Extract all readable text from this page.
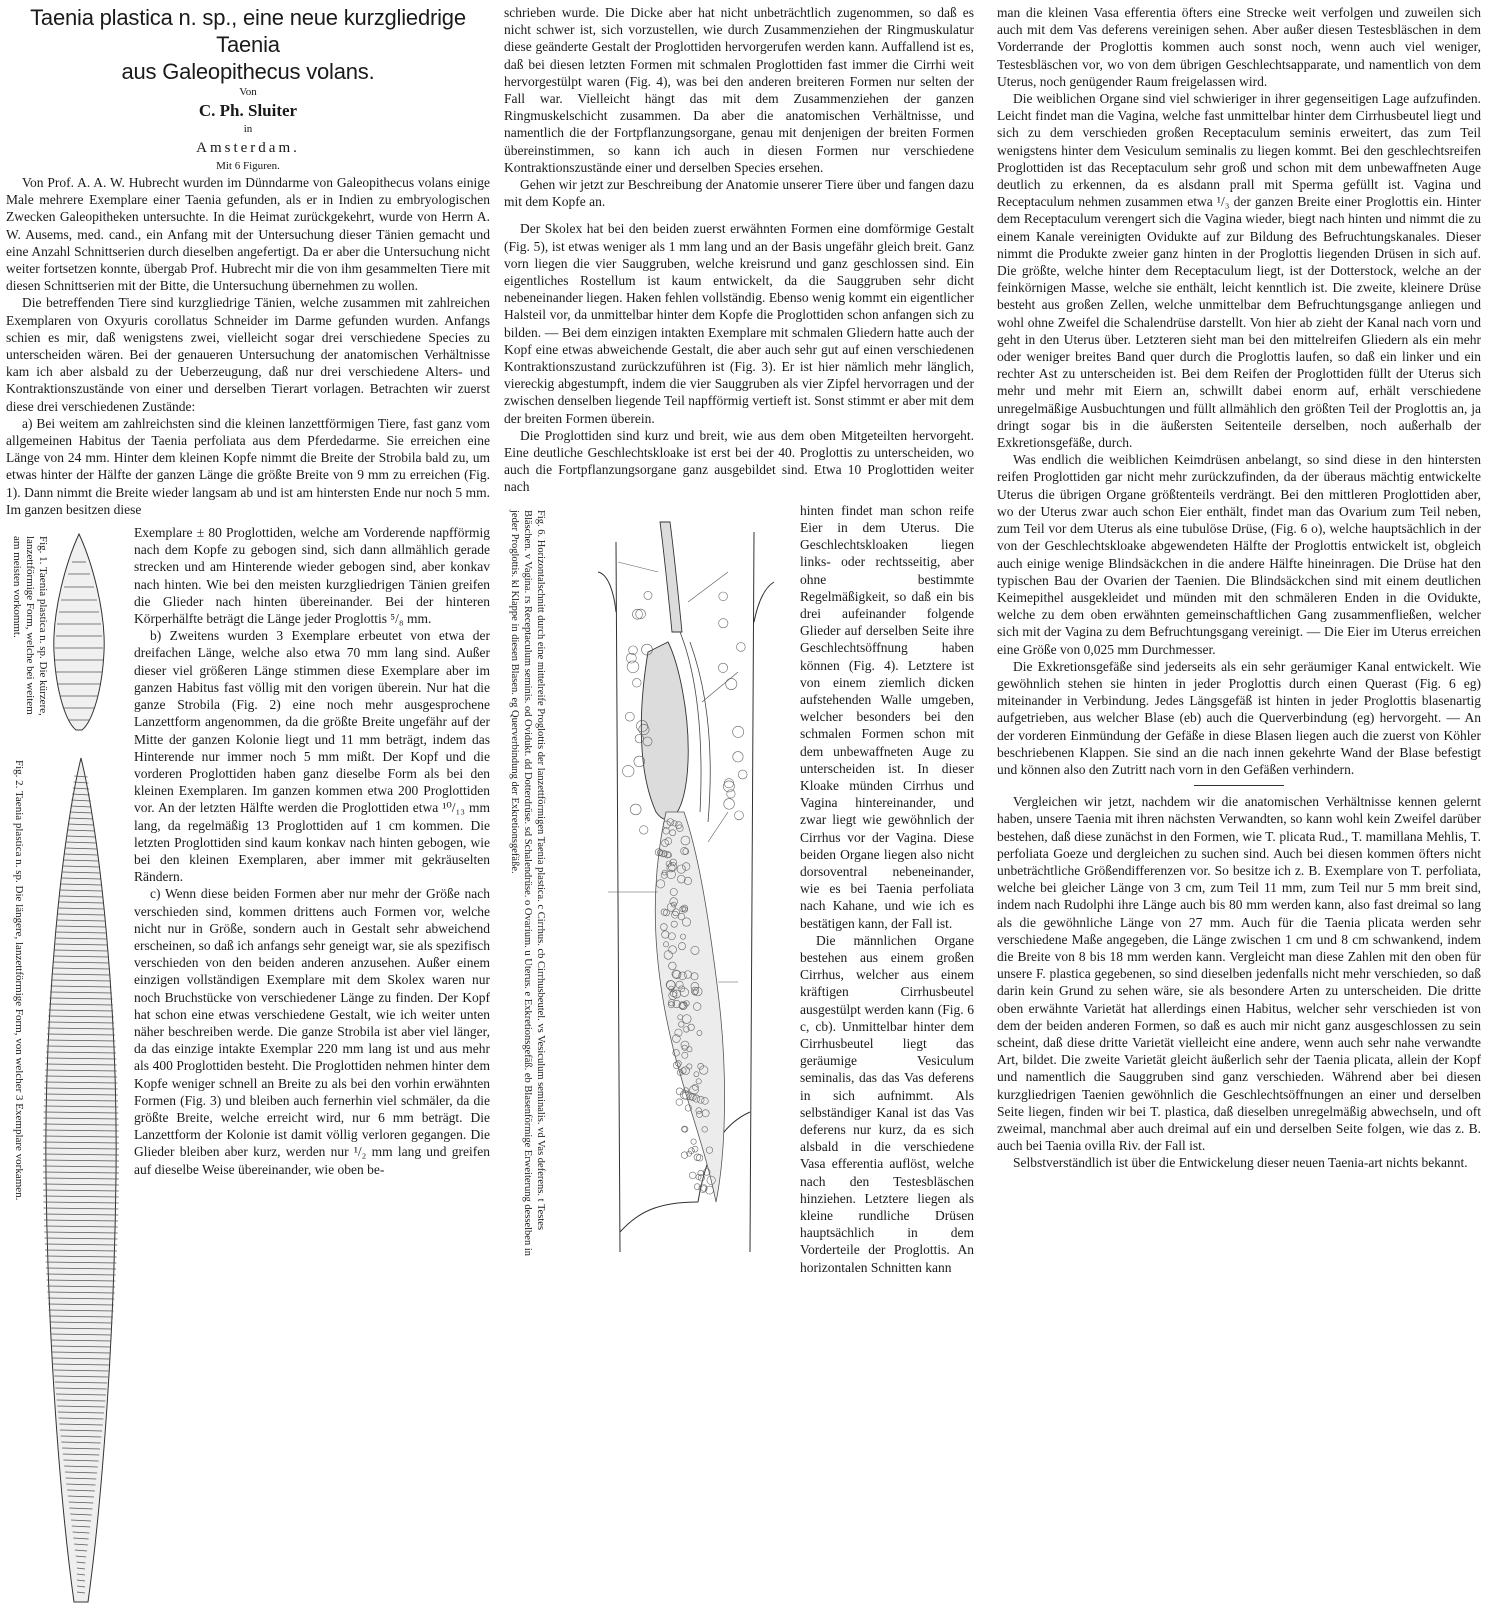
Taenia plastica n. sp., eine neue kurzgliedrige Taenia
aus Galeopithecus volans.

Von

C. Ph. Sluiter

in

Amsterdam.

Mit 6 Figuren.

Von Prof. A. A. W. Hubrecht wurden im Dünndarme von Galeopithecus volans einige Male mehrere Exemplare einer Taenia gefunden, als er in Indien zu embryologischen Zwecken Galeopitheken untersuchte. In die Heimat zurückgekehrt, wurde von Herrn A. W. Ausems, med. cand., ein Anfang mit der Untersuchung dieser Tänien gemacht und eine Anzahl Schnittserien durch dieselben angefertigt. Da er aber die Untersuchung nicht weiter fortsetzen konnte, übergab Prof. Hubrecht mir die von ihm gesammelten Tiere mit diesen Schnittserien mit der Bitte, die Untersuchung übernehmen zu wollen.

Die betreffenden Tiere sind kurzgliedrige Tänien, welche zusammen mit zahlreichen Exemplaren von Oxyuris corollatus Schneider im Darme gefunden wurden. Anfangs schien es mir, daß wenigstens zwei, vielleicht sogar drei verschiedene Species zu unterscheiden wären. Bei der genaueren Untersuchung der anatomischen Verhältnisse kam ich aber alsbald zu der Ueberzeugung, daß nur drei verschiedene Alters- und Kontraktionszustände von einer und derselben Tierart vorlagen. Betrachten wir zuerst diese drei verschiedenen Zustände:

a) Bei weitem am zahlreichsten sind die kleinen lanzettförmigen Tiere, fast ganz vom allgemeinen Habitus der Taenia perfoliata aus dem Pferdedarme. Sie erreichen eine Länge von 24 mm. Hinter dem kleinen Kopfe nimmt die Breite der Strobila bald zu, um etwas hinter der Hälfte der ganzen Länge die größte Breite von 9 mm zu erreichen (Fig. 1). Dann nimmt die Breite wieder langsam ab und ist am hintersten Ende nur noch 5 mm. Im ganzen besitzen diese

Fig. 1. Taenia plastica n. sp. Die kürzere, lanzettförmige Form, welche bei weitem am meisten vorkommt.
Fig. 2. Taenia plastica n. sp. Die längere, lanzettförmige Form, von welcher 3 Exemplare vorkamen.

Exemplare ± 80 Proglottiden, welche am Vorderende napfförmig nach dem Kopfe zu gebogen sind, sich dann allmählich gerade strecken und am Hinterende wieder gebogen sind, aber konkav nach hinten. Wie bei den meisten kurzgliedrigen Tänien greifen die Glieder nach hinten übereinander. Bei der hinteren Körperhälfte beträgt die Länge jeder Proglottis ⁵/₈ mm.

b) Zweitens wurden 3 Exemplare erbeutet von etwa der dreifachen Länge, welche also etwa 70 mm lang sind. Außer dieser viel größeren Länge stimmen diese Exemplare aber im ganzen Habitus fast völlig mit den vorigen überein. Nur hat die ganze Strobila (Fig. 2) eine noch mehr ausgesprochene Lanzettform angenommen, da die größte Breite ungefähr auf der Mitte der ganzen Kolonie liegt und 11 mm beträgt, indem das Hinterende nur immer noch 5 mm mißt. Der Kopf und die vorderen Proglottiden haben ganz dieselbe Form als bei den kleinen Exemplaren. Im ganzen kommen etwa 200 Proglottiden vor. An der letzten Hälfte werden die Proglottiden etwa ¹⁰/₁₃ mm lang, da regelmäßig 13 Proglottiden auf 1 cm kommen. Die letzten Proglottiden sind kaum konkav nach hinten gebogen, wie bei den kleinen Exemplaren, aber immer mit gekräuselten Rändern.

c) Wenn diese beiden Formen aber nur mehr der Größe nach verschieden sind, kommen drittens auch Formen vor, welche nicht nur in Größe, sondern auch in Gestalt sehr abweichend erscheinen, so daß ich anfangs sehr geneigt war, sie als spezifisch verschieden von den beiden anderen anzusehen. Außer einem einzigen vollständigen Exemplare mit dem Skolex waren nur noch Bruchstücke von verschiedener Länge zu finden. Der Kopf hat schon eine etwas verschiedene Gestalt, wie ich weiter unten näher beschreiben werde. Die ganze Strobila ist aber viel länger, da das einzige intakte Exemplar 220 mm lang ist und aus mehr als 400 Proglottiden besteht. Die Proglottiden nehmen hinter dem Kopfe weniger schnell an Breite zu als bei den vorhin erwähnten Formen (Fig. 3) und bleiben auch fernerhin viel schmäler, da die größte Breite, welche erreicht wird, nur 6 mm beträgt. Die Lanzettform der Kolonie ist damit völlig verloren gegangen. Die Glieder bleiben aber kurz, werden nur ¹/₂ mm lang und greifen auf dieselbe Weise übereinander, wie oben be-

schrieben wurde. Die Dicke aber hat nicht unbeträchtlich zugenommen, so daß es nicht schwer ist, sich vorzustellen, wie durch Zusammenziehen der Ringmuskulatur diese geänderte Gestalt der Proglottiden hervorgerufen werden kann. Auffallend ist es, daß bei diesen letzten Formen mit schmalen Proglottiden fast immer die Cirrhi weit hervorgestülpt waren (Fig. 4), was bei den anderen breiteren Formen nur selten der Fall war. Vielleicht hängt das mit dem Zusammenziehen der ganzen Ringmuskelschicht zusammen. Da aber die anatomischen Verhältnisse, und namentlich die der Fortpflanzungsorgane, genau mit denjenigen der breiten Formen übereinstimmen, so kann ich auch in diesen Formen nur verschiedene Kontraktionszustände einer und derselben Species ersehen.

Gehen wir jetzt zur Beschreibung der Anatomie unserer Tiere über und fangen dazu mit dem Kopfe an.

Der Skolex hat bei den beiden zuerst erwähnten Formen eine domförmige Gestalt (Fig. 5), ist etwas weniger als 1 mm lang und an der Basis ungefähr gleich breit. Ganz vorn liegen die vier Sauggruben, welche kreisrund und ganz geschlossen sind. Ein eigentliches Rostellum ist kaum entwickelt, da die Sauggruben sehr dicht nebeneinander liegen. Haken fehlen vollständig. Ebenso wenig kommt ein eigentlicher Halsteil vor, da unmittelbar hinter dem Kopfe die Proglottiden schon anfangen sich zu bilden. — Bei dem einzigen intakten Exemplare mit schmalen Gliedern hatte auch der Kopf eine etwas abweichende Gestalt, die aber auch sehr gut auf einen verschiedenen Kontraktionszustand zurückzuführen ist (Fig. 3). Er ist hier nämlich mehr länglich, viereckig abgestumpft, indem die vier Sauggruben als vier Zipfel hervorragen und der zwischen denselben liegende Teil napfförmig vertieft ist. Sonst stimmt er aber mit dem der breiten Formen überein.

Die Proglottiden sind kurz und breit, wie aus dem oben Mitgeteilten hervorgeht. Eine deutliche Geschlechtskloake ist erst bei der 40. Proglottis zu unterscheiden, wo auch die Fortpflanzungsorgane ganz ausgebildet sind. Etwa 10 Proglottiden weiter nach

Fig. 6. Horizontalschnitt durch eine mittelreife Proglottis der lanzettförmigen Taenia plastica. c Cirrhus. cb Cirrhusbeutel. vs Vesiculum seminalis. vd Vas deferens. t Testes Bläschen. v Vagina. rs Receptaculum seminis. od Ovidukt. dd Dotterdrüse. sd Schalendrüse. o Ovarium. u Uterus. e Exkretionsgefäß. eb Blasenförmige Erweiterung desselben in jeder Proglottis. kl Klappe in diesen Blasen. eg Querverbindung der Exkretionsgefäße.	hinten findet man schon reife Eier in dem Uterus. Die Geschlechtskloaken liegen links- oder rechtsseitig, aber ohne bestimmte Regelmäßigkeit, so daß ein bis drei aufeinander folgende Glieder auf derselben Seite ihre Geschlechtsöffnung haben können (Fig. 4). Letztere ist von einem ziemlich dicken aufstehenden Walle umgeben, welcher besonders bei den schmalen Formen schon mit dem unbewaffneten Auge zu unterscheiden ist. In dieser Kloake münden Cirrhus und Vagina hintereinander, und zwar liegt wie gewöhnlich der Cirrhus vor der Vagina. Diese beiden Organe liegen also nicht dorsoventral nebeneinander, wie es bei Taenia perfoliata nach Kahane, und wie ich es bestätigen kann, der Fall ist.

Die männlichen Organe bestehen aus einem großen Cirrhus, welcher aus einem kräftigen Cirrhusbeutel ausgestülpt werden kann (Fig. 6 c, cb). Unmittelbar hinter dem Cirrhusbeutel liegt das geräumige Vesiculum seminalis, das das Vas deferens in sich aufnimmt. Als selbständiger Kanal ist das Vas deferens nur kurz, da es sich alsbald in die verschiedene Vasa efferentia auflöst, welche nach den Testesbläschen hinziehen. Letztere liegen als kleine rundliche Drüsen hauptsächlich in dem Vorderteile der Proglottis. An horizontalen Schnitten kann

man die kleinen Vasa efferentia öfters eine Strecke weit verfolgen und zuweilen sich auch mit dem Vas deferens vereinigen sehen. Aber außer diesen Testesbläschen in dem Vorderrande der Proglottis kommen auch sonst noch, wenn auch viel weniger, Testesbläschen vor, wo von dem übrigen Geschlechtsapparate, und namentlich von dem Uterus, noch genügender Raum freigelassen wird.

Die weiblichen Organe sind viel schwieriger in ihrer gegenseitigen Lage aufzufinden. Leicht findet man die Vagina, welche fast unmittelbar hinter dem Cirrhusbeutel liegt und sich zu dem verschieden großen Receptaculum seminis erweitert, das zum Teil wenigstens hinter dem Vesiculum seminalis zu liegen kommt. Bei den geschlechtsreifen Proglottiden ist das Receptaculum sehr groß und schon mit dem unbewaffneten Auge deutlich zu erkennen, da es alsdann prall mit Sperma gefüllt ist. Vagina und Receptaculum nehmen zusammen etwa ¹/₃ der ganzen Breite einer Proglottis ein. Hinter dem Receptaculum verengert sich die Vagina wieder, biegt nach hinten und nimmt die zu einem Kanale vereinigten Ovidukte auf zur Bildung des Befruchtungskanales. Dieser nimmt die Produkte zweier ganz hinten in der Proglottis liegenden Drüsen in sich auf. Die größte, welche hinter dem Receptaculum liegt, ist der Dotterstock, welche an der feinkörnigen Masse, welche sie enthält, leicht kenntlich ist. Die zweite, kleinere Drüse besteht aus großen Zellen, welche unmittelbar dem Befruchtungsgange anliegen und wohl ohne Zweifel die Schalendrüse darstellt. Von hier ab zieht der Kanal nach vorn und geht in den Uterus über. Letzteren sieht man bei den mittelreifen Gliedern als ein mehr oder weniger breites Band quer durch die Proglottis laufen, so daß ein linker und ein rechter Ast zu unterscheiden ist. Bei dem Reifen der Proglottiden füllt der Uterus sich mehr und mehr mit Eiern an, schwillt dabei enorm auf, erhält verschiedene unregelmäßige Ausbuchtungen und füllt allmählich den größten Teil der Proglottis an, ja dringt sogar bis in die äußersten Seitenteile derselben, noch außerhalb der Exkretionsgefäße, durch.

Was endlich die weiblichen Keimdrüsen anbelangt, so sind diese in den hintersten reifen Proglottiden gar nicht mehr zurückzufinden, da der überaus mächtig entwickelte Uterus die übrigen Organe größtenteils verdrängt. Bei den mittleren Proglottiden aber, wo der Uterus zwar auch schon Eier enthält, findet man das Ovarium zum Teil neben, zum Teil vor dem Uterus als eine tubulöse Drüse, (Fig. 6 o), welche hauptsächlich in der von der Geschlechtskloake abgewendeten Hälfte der Proglottis entwickelt ist, obgleich auch einige wenige Blindsäckchen in die andere Hälfte hineinragen. Die Drüse hat den typischen Bau der Ovarien der Taenien. Die Blindsäckchen sind mit einem deutlichen Keimepithel ausgekleidet und münden mit den schmäleren Enden in die Ovidukte, welche zu dem oben erwähnten gemeinschaftlichen Gang zusammenfließen, welcher sich mit der Vagina zu dem Befruchtungsgang vereinigt. — Die Eier im Uterus erreichen eine Größe von 0,025 mm Durchmesser.

Die Exkretionsgefäße sind jederseits als ein sehr geräumiger Kanal entwickelt. Wie gewöhnlich stehen sie hinten in jeder Proglottis durch einen Querast (Fig. 6 eg) miteinander in Verbindung. Jedes Längsgefäß ist hinten in jeder Proglottis blasenartig aufgetrieben, aus welcher Blase (eb) auch die Querverbindung (eg) hervorgeht. — An der vorderen Einmündung der Gefäße in diese Blasen liegen auch die zuerst von Köhler beschriebenen Klappen. Sie sind an die nach innen gekehrte Wand der Blase befestigt und können also den Zutritt nach vorn in den Gefäßen verhindern.

Vergleichen wir jetzt, nachdem wir die anatomischen Verhältnisse kennen gelernt haben, unsere Taenia mit ihren nächsten Verwandten, so kann wohl kein Zweifel darüber bestehen, daß diese zunächst in den Formen, wie T. plicata Rud., T. mamillana Mehlis, T. perfoliata Goeze und dergleichen zu suchen sind. Auch bei diesen kommen öfters nicht unbeträchtliche Größendifferenzen vor. So besitze ich z. B. Exemplare von T. perfoliata, welche bei gleicher Länge von 3 cm, zum Teil 11 mm, zum Teil nur 5 mm breit sind, indem nach Rudolphi ihre Länge auch bis 80 mm werden kann, also fast dreimal so lang als die gewöhnliche Länge von 27 mm. Auch für die Taenia plicata werden sehr verschiedene Maße angegeben, die Länge zwischen 1 cm und 8 cm schwankend, indem die Breite von 8 bis 18 mm werden kann. Vergleicht man diese Zahlen mit den oben für unsere F. plastica gegebenen, so sind dieselben jedenfalls nicht mehr verschieden, so daß darin kein Grund zu sehen wäre, sie als besondere Arten zu unterscheiden. Die dritte oben erwähnte Varietät hat allerdings einen Habitus, welcher sehr verschieden ist von dem der beiden anderen Formen, so daß es auch mir nicht ganz ausgeschlossen zu sein scheint, daß diese dritte Varietät vielleicht eine andere, wenn auch sehr nahe verwandte Art, bildet. Die zweite Varietät gleicht äußerlich sehr der Taenia plicata, allein der Kopf und namentlich die Sauggruben sind ganz verschieden. Während aber bei diesen kurzgliedrigen Taenien gewöhnlich die Geschlechtsöffnungen an einer und derselben Seite liegen, finden wir bei T. plastica, daß dieselben unregelmäßig abwechseln, und oft zweimal, manchmal aber auch dreimal auf ein und derselben Seite folgen, wie das z. B. auch bei Taenia ovilla Riv. der Fall ist.

Selbstverständlich ist über die Entwickelung dieser neuen Taenia-art nichts bekannt.
